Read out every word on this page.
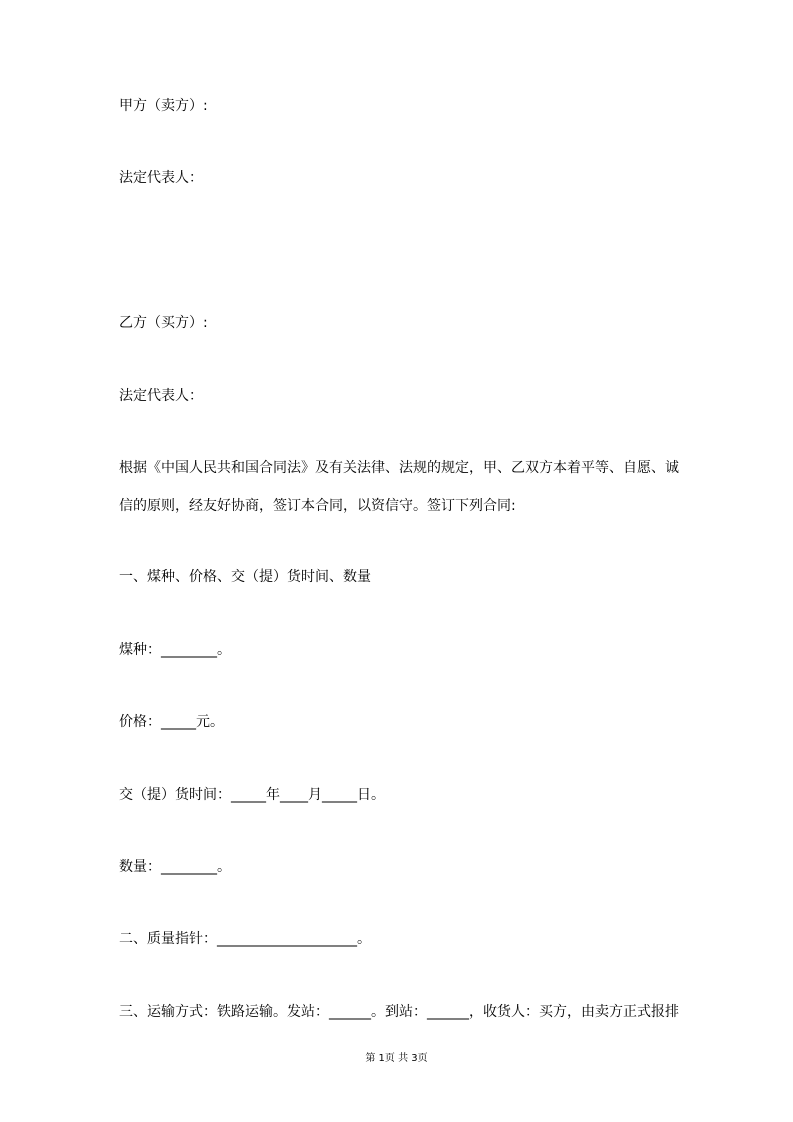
甲方（卖方）:
法定代表人：
乙方（买方）:
法定代表人：
根据《中国人民共和国合同法》及有关法律、法规的规定，甲、乙双方本着平等、自愿、诚
信的原则，经友好协商，签订本合同，以资信守。签订下列合同:
一、煤种、价格、交（提）货时间、数量
煤种：________。
价格：_____元。
交（提）货时间：_____年____月_____日。
数量：________。
二、质量指针：____________________。
三、运输方式：铁路运输。发站：______。到站：______，收货人：买方，由卖方正式报排
第 1页 共 3页
